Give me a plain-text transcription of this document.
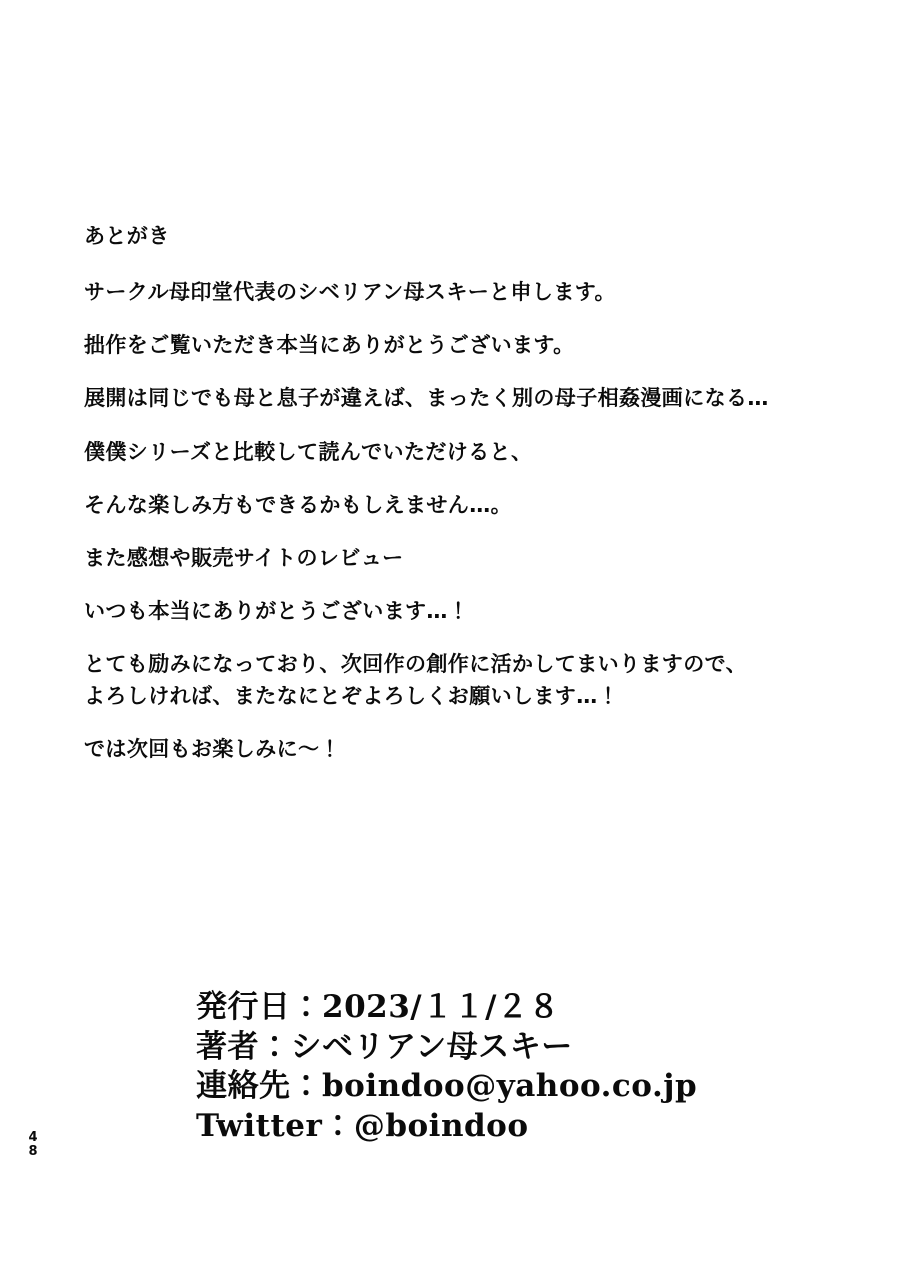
あとがき

サークル母印堂代表のシベリアン母スキーと申します。

拙作をご覧いただき本当にありがとうございます。

展開は同じでも母と息子が違えば、まったく別の母子相姦漫画になる…

僕僕シリーズと比較して読んでいただけると、

そんな楽しみ方もできるかもしえません…。

また感想や販売サイトのレビュー

いつも本当にありがとうございます…！

とても励みになっており、次回作の創作に活かしてまいりますので、

よろしければ、またなにとぞよろしくお願いします…！

では次回もお楽しみに〜！

発行日：2023/１１/２８

著者：シベリアン母スキー

連絡先：boindoo@yahoo.co.jp

Twitter：@boindoo

4
8
